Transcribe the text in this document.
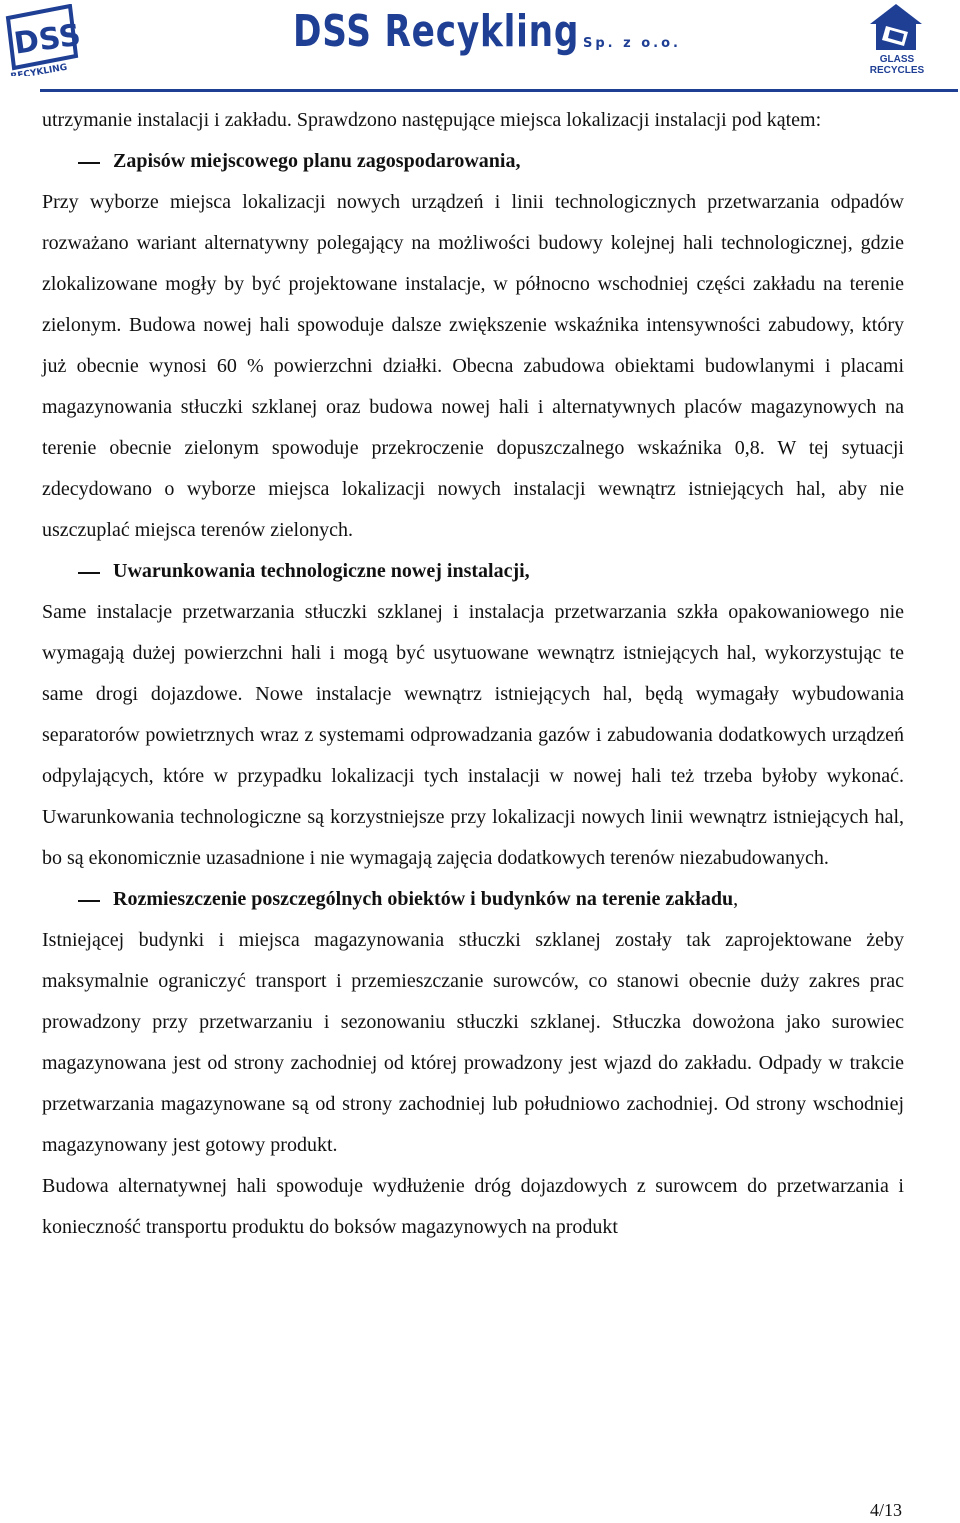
DSS
RECYKLING
DSS Recykling Sp. z o.o.
GLASS
RECYCLES

utrzymanie instalacji i zakładu. Sprawdzono następujące miejsca lokalizacji instalacji pod kątem:

Zapisów miejscowego planu zagospodarowania,

Przy wyborze miejsca lokalizacji nowych urządzeń i linii technologicznych przetwarzania odpadów rozważano wariant alternatywny polegający na możliwości budowy kolejnej hali technologicznej, gdzie zlokalizowane mogły by być projektowane instalacje, w północno wschodniej części zakładu na terenie zielonym. Budowa nowej hali spowoduje dalsze zwiększenie wskaźnika intensywności zabudowy, który już obecnie wynosi 60 % powierzchni działki. Obecna zabudowa obiektami budowlanymi i placami magazynowania stłuczki szklanej oraz budowa nowej hali i alternatywnych placów magazynowych na terenie obecnie zielonym spowoduje przekroczenie dopuszczalnego wskaźnika 0,8. W tej sytuacji zdecydowano o wyborze miejsca lokalizacji nowych instalacji wewnątrz istniejących hal, aby nie uszczuplać miejsca terenów zielonych.

Uwarunkowania technologiczne nowej instalacji,

Same instalacje przetwarzania stłuczki szklanej i instalacja przetwarzania szkła opakowaniowego nie wymagają dużej powierzchni hali i mogą być usytuowane wewnątrz istniejących hal, wykorzystując te same drogi dojazdowe. Nowe instalacje wewnątrz istniejących hal, będą wymagały wybudowania separatorów powietrznych wraz z systemami odprowadzania gazów i zabudowania dodatkowych urządzeń odpylających, które w przypadku lokalizacji tych instalacji w nowej hali też trzeba byłoby wykonać. Uwarunkowania technologiczne są korzystniejsze przy lokalizacji nowych linii wewnątrz istniejących hal, bo są ekonomicznie uzasadnione i nie wymagają zajęcia dodatkowych terenów niezabudowanych.

Rozmieszczenie poszczególnych obiektów i budynków na terenie zakładu,

Istniejącej budynki i miejsca magazynowania stłuczki szklanej zostały tak zaprojektowane żeby maksymalnie ograniczyć transport i przemieszczanie surowców, co stanowi obecnie duży zakres prac prowadzony przy przetwarzaniu i sezonowaniu stłuczki szklanej. Stłuczka dowożona jako surowiec magazynowana jest od strony zachodniej od której prowadzony jest wjazd do zakładu. Odpady w trakcie przetwarzania magazynowane są od strony zachodniej lub południowo zachodniej. Od strony wschodniej magazynowany jest gotowy produkt.

Budowa alternatywnej hali spowoduje wydłużenie dróg dojazdowych z surowcem do przetwarzania i konieczność transportu produktu do boksów magazynowych na produkt

4/13
